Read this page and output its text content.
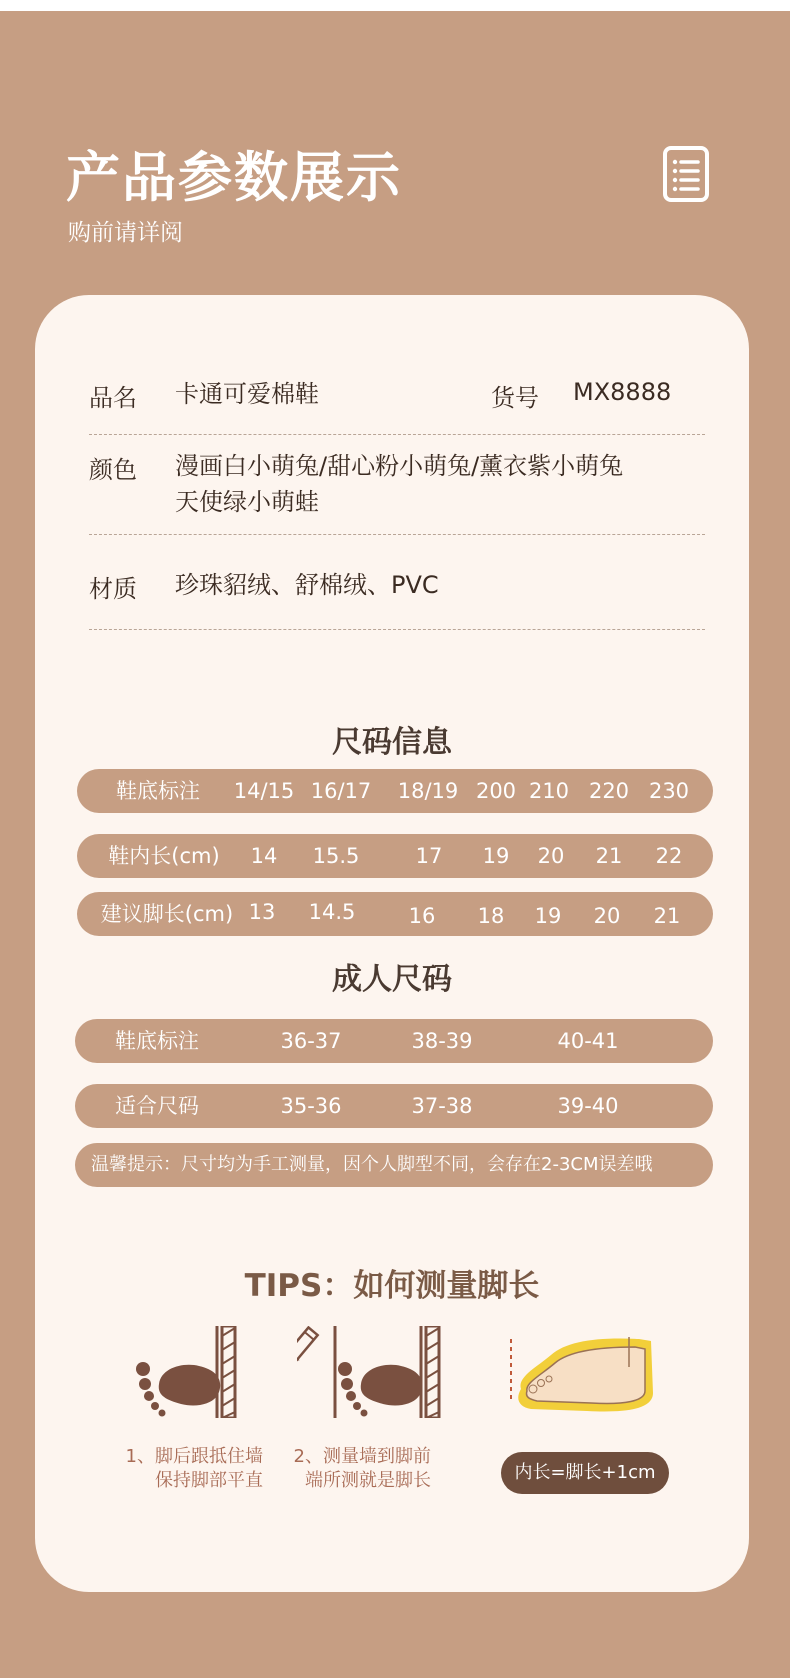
产品参数展示
购前请详阅
品名 卡通可爱棉鞋	货号 MX8888
颜色 漫画白小萌兔/甜心粉小萌兔/薰衣紫小萌兔
天使绿小萌蛙
材质 珍珠貂绒、舒棉绒、PVC
尺码信息
鞋底标注 14/15 16/17 18/19 200 210 220 230
鞋内长(cm) 14 15.5	17 19 20 21 22
建议脚长(cm) 13 14.5	16 18 19 20 21
成人尺码
鞋底标注	36-37	38-39	40-41
适合尺码	35-36	37-38	39-40
温馨提示：尺寸均为手工测量，因个人脚型不同，会存在2-3CM误差哦
TIPS：如何测量脚长
1、脚后跟抵住墙
保持脚部平直
2、测量墙到脚前
端所测就是脚长	内长=脚长+1cm
